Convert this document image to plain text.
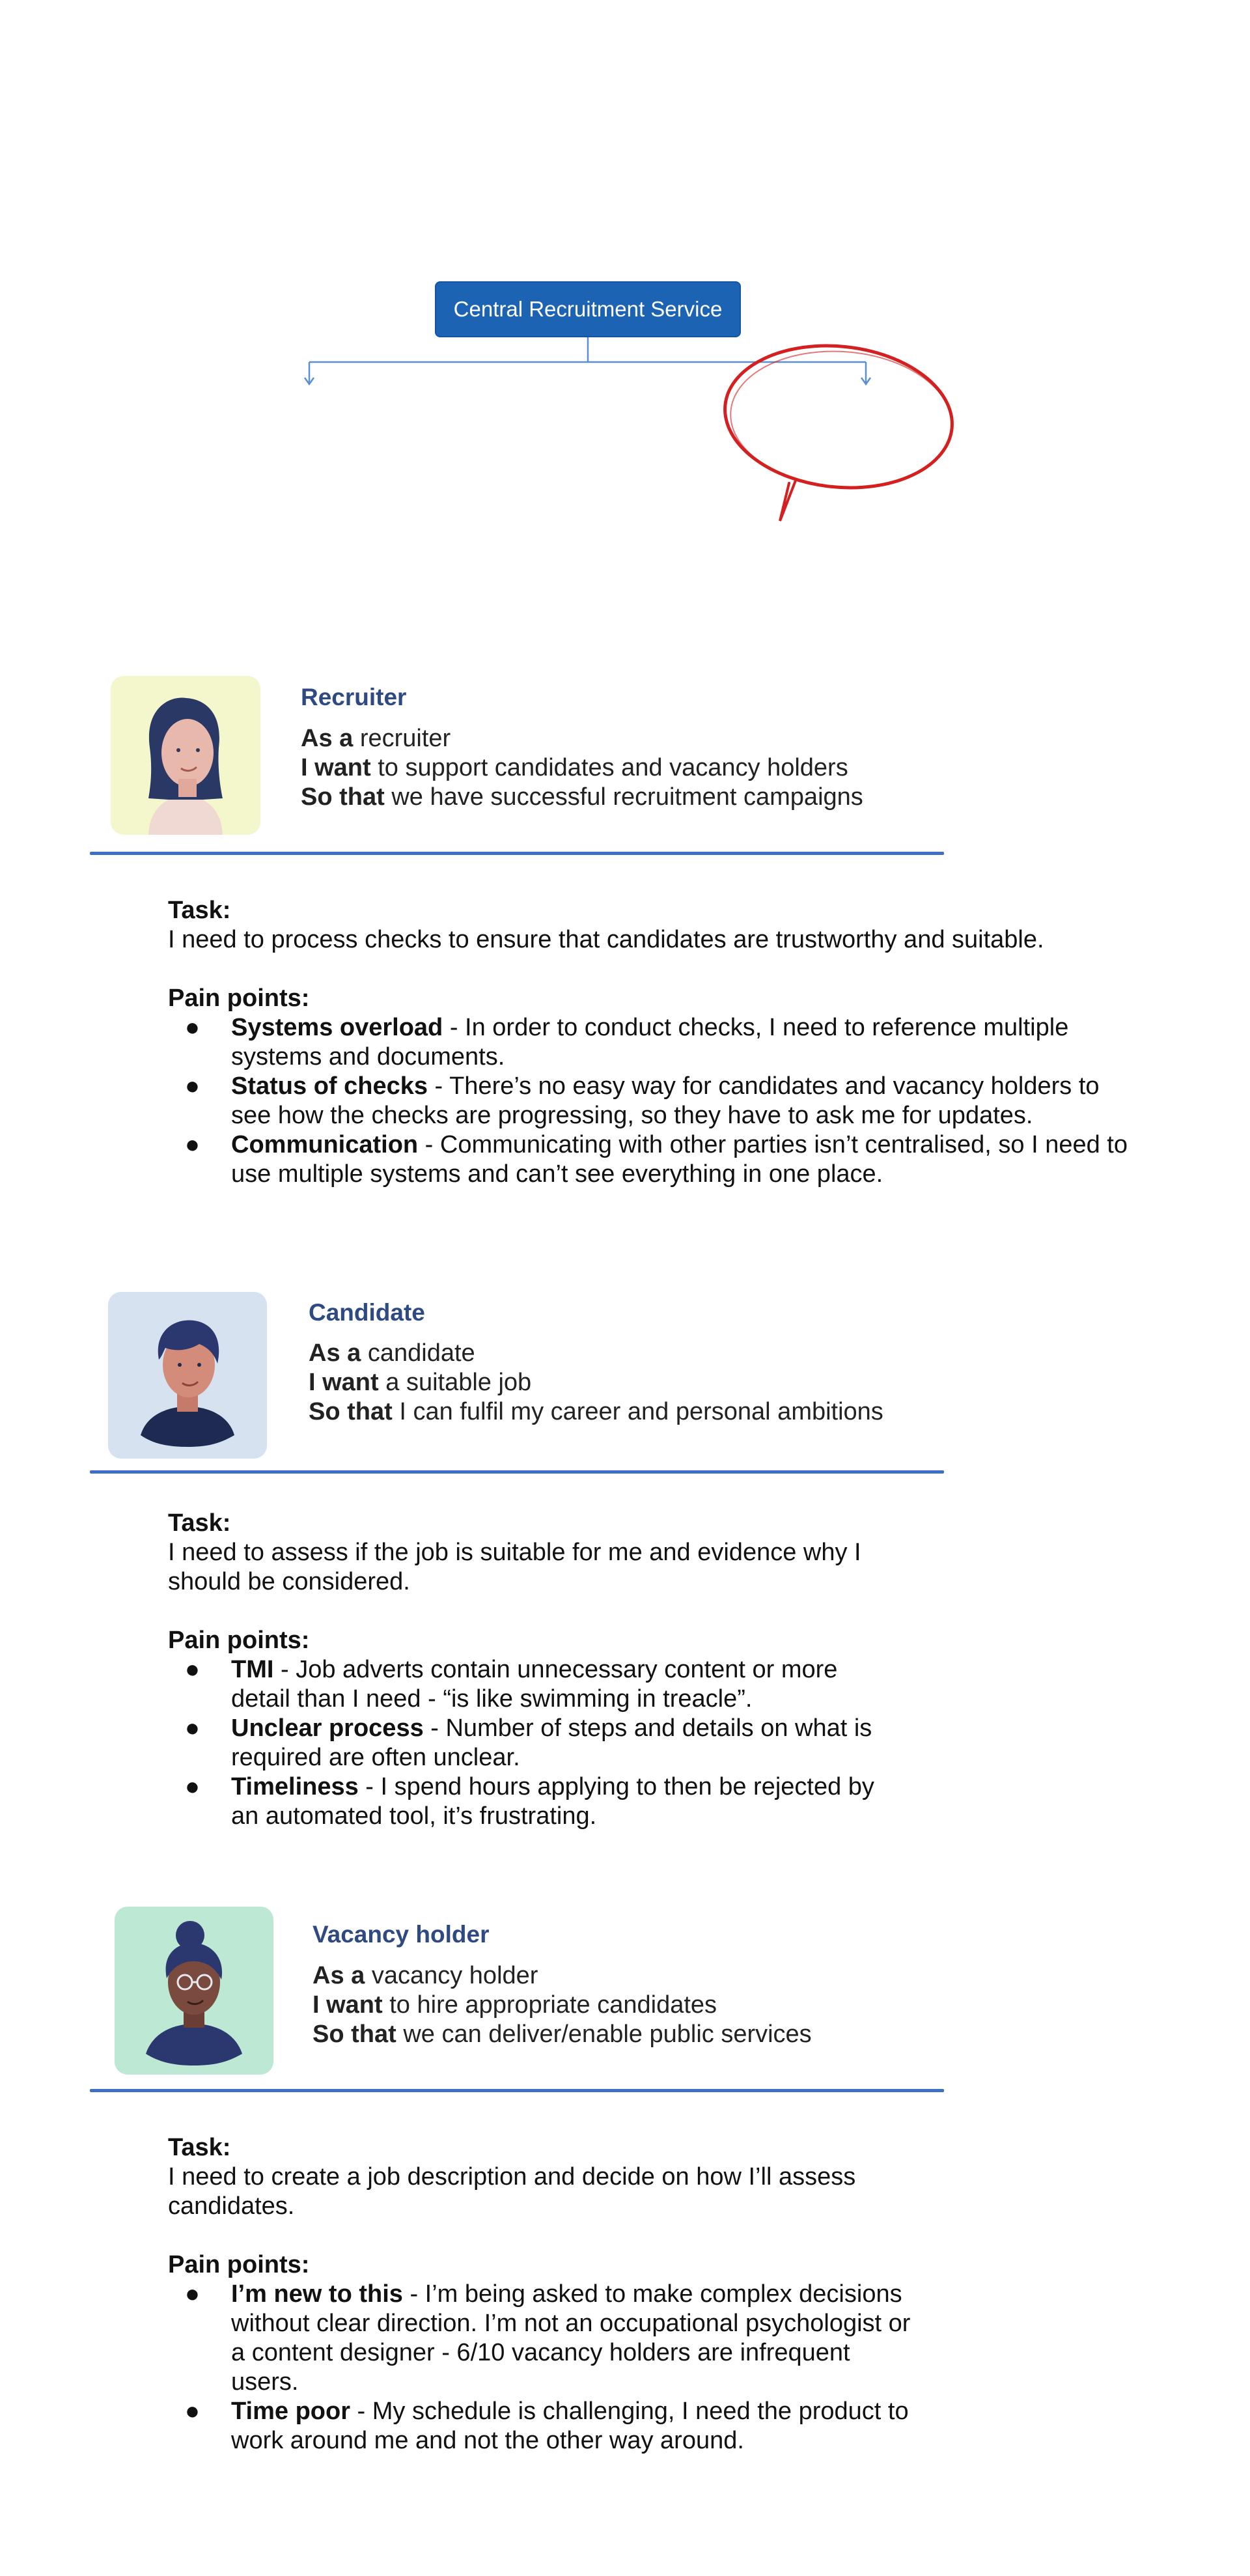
Central Recruitment Service
Recruiter
As a recruiter
I want to support candidates and vacancy holders
So that we have successful recruitment campaigns
Task:
I need to process checks to ensure that candidates are trustworthy and suitable.
Pain points:
● Systems overload - In order to conduct checks, I need to reference multiple systems and documents.
● Status of checks - There’s no easy way for candidates and vacancy holders to see how the checks are progressing, so they have to ask me for updates.
● Communication - Communicating with other parties isn’t centralised, so I need to use multiple systems and can’t see everything in one place.
Candidate
As a candidate
I want a suitable job
So that I can fulfil my career and personal ambitions
Task:
I need to assess if the job is suitable for me and evidence why I should be considered.
Pain points:
● TMI - Job adverts contain unnecessary content or more detail than I need - “is like swimming in treacle”.
● Unclear process - Number of steps and details on what is required are often unclear.
● Timeliness - I spend hours applying to then be rejected by an automated tool, it’s frustrating.
Vacancy holder
As a vacancy holder
I want to hire appropriate candidates
So that we can deliver/enable public services
Task:
I need to create a job description and decide on how I’ll assess candidates.
Pain points:
● I’m new to this - I’m being asked to make complex decisions without clear direction. I’m not an occupational psychologist or a content designer - 6/10 vacancy holders are infrequent users.
● Time poor - My schedule is challenging, I need the product to work around me and not the other way around.
